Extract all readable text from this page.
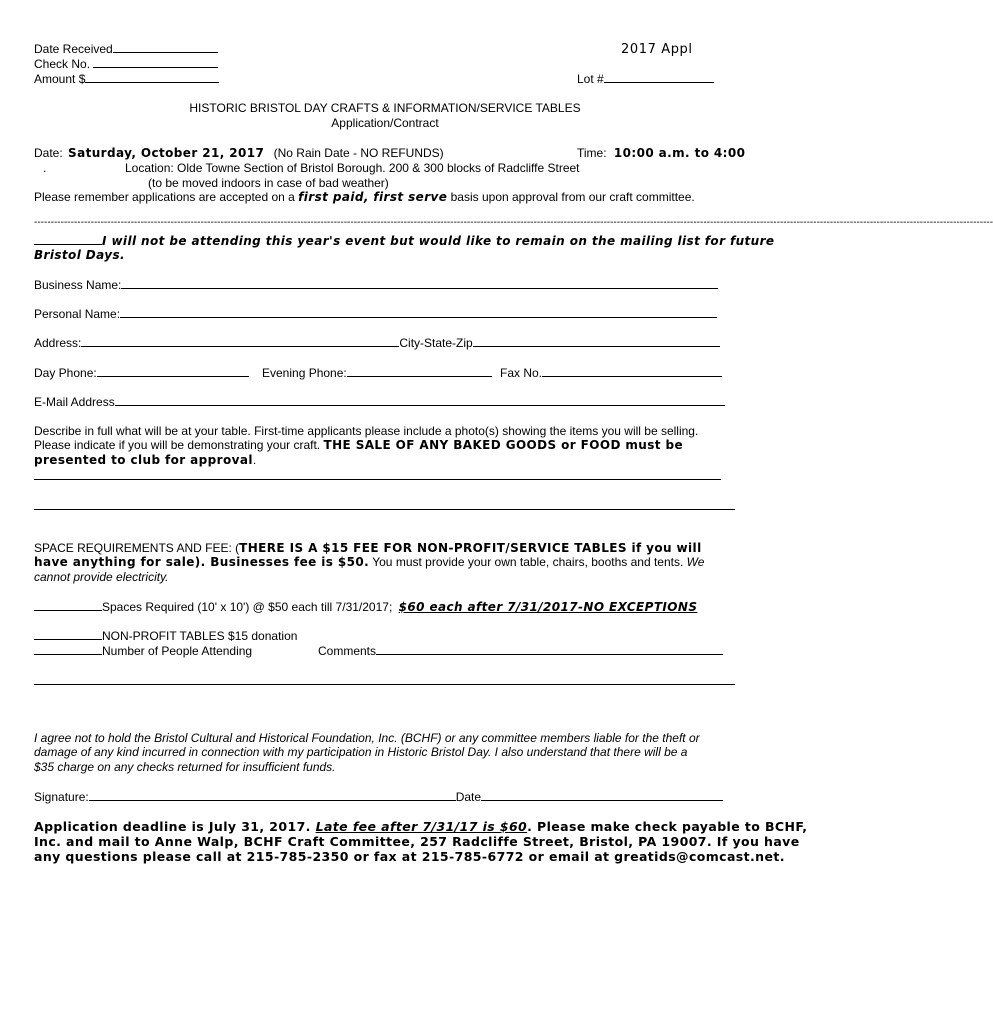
Date Received
Check No.
Amount $
2017 Appl
Lot #
HISTORIC BRISTOL DAY CRAFTS & INFORMATION/SERVICE TABLES
Application/Contract
Date: Saturday, October 21, 2017 (No Rain Date - NO REFUNDS)	Time: 10:00 a.m. to 4:00
.	Location: Olde Towne Section of Bristol Borough. 200 & 300 blocks of Radcliffe Street
(to be moved indoors in case of bad weather)
Please remember applications are accepted on a first paid, first serve basis upon approval from our craft committee.
------------------------------------------------------------------------------------------------------------------------------------------------------------------------------------------------------------------------------------------------------------------------------------------------
I will not be attending this year's event but would like to remain on the mailing list for future
Bristol Days.
Business Name:
Personal Name:
Address:	City-State-Zip
Day Phone:	Evening Phone:	Fax No.
E-Mail Address
Describe in full what will be at your table. First-time applicants please include a photo(s) showing the items you will be selling.
Please indicate if you will be demonstrating your craft. THE SALE OF ANY BAKED GOODS or FOOD must be
presented to club for approval.
SPACE REQUIREMENTS AND FEE: (THERE IS A $15 FEE FOR NON-PROFIT/SERVICE TABLES if you will
have anything for sale). Businesses fee is $50. You must provide your own table, chairs, booths and tents. We
cannot provide electricity.
Spaces Required (10' x 10') @ $50 each till 7/31/2017; $60 each after 7/31/2017-NO EXCEPTIONS
NON-PROFIT TABLES $15 donation
Number of People Attending	Comments
I agree not to hold the Bristol Cultural and Historical Foundation, Inc. (BCHF) or any committee members liable for the theft or
damage of any kind incurred in connection with my participation in Historic Bristol Day. I also understand that there will be a
$35 charge on any checks returned for insufficient funds.
Signature:	Date
Application deadline is July 31, 2017. Late fee after 7/31/17 is $60. Please make check payable to BCHF,
Inc. and mail to Anne Walp, BCHF Craft Committee, 257 Radcliffe Street, Bristol, PA 19007. If you have
any questions please call at 215-785-2350 or fax at 215-785-6772 or email at greatids@comcast.net.
